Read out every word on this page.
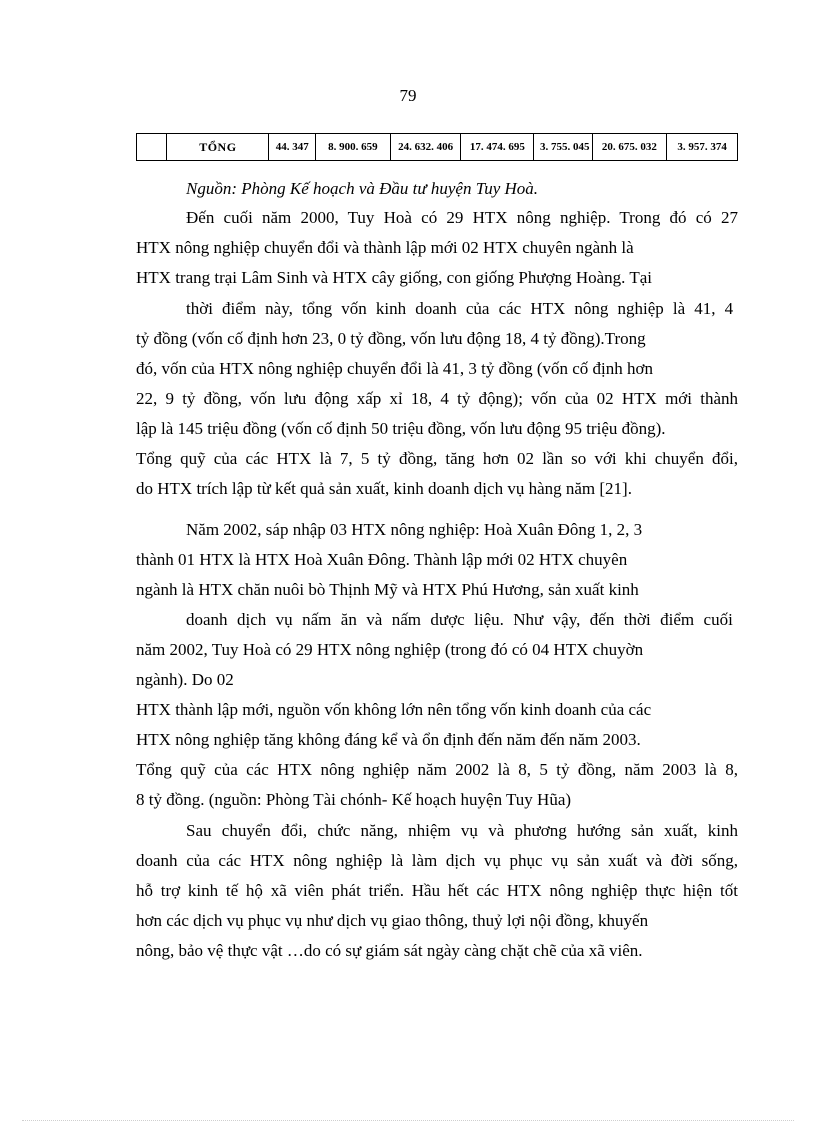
79
	TỔNG	44. 347	8. 900. 659	24. 632. 406	17. 474. 695	3. 755. 045	20. 675. 032	3. 957. 374
Nguồn: Phòng Kế hoạch và Đầu tư huyện Tuy Hoà.
Đến cuối năm 2000, Tuy Hoà có 29 HTX nông nghiệp. Trong đó có 27
HTX nông nghiệp chuyển đổi và thành lập mới 02 HTX chuyên ngành là
HTX trang trại Lâm Sinh và HTX cây giống, con giống Phượng Hoàng. Tại
thời điểm này, tổng vốn kinh doanh của các HTX nông nghiệp là 41, 4
tỷ đồng (vốn cố định hơn 23, 0 tỷ đồng, vốn lưu động 18, 4 tỷ đồng).Trong
đó, vốn của HTX nông nghiệp chuyển đổi là 41, 3 tỷ đồng (vốn cố định hơn
22, 9 tỷ đồng, vốn lưu động xấp xỉ 18, 4 tỷ động); vốn của 02 HTX mới thành
lập là 145 triệu đồng (vốn cố định 50 triệu đồng, vốn lưu động 95 triệu đồng).
Tổng quỹ của các HTX là 7, 5 tỷ đồng, tăng hơn 02 lần so với khi chuyển đổi,
do HTX trích lập từ kết quả sản xuất, kinh doanh dịch vụ hàng năm [21].
Năm 2002, sáp nhập 03 HTX nông nghiệp: Hoà Xuân Đông 1, 2, 3
thành 01 HTX là HTX Hoà Xuân Đông. Thành lập mới 02 HTX chuyên
ngành là HTX chăn nuôi bò Thịnh Mỹ và HTX Phú Hương, sản xuất kinh
doanh dịch vụ nấm ăn và nấm dược liệu. Như vậy, đến thời điểm cuối
năm 2002, Tuy Hoà có 29 HTX nông nghiệp (trong đó có 04 HTX chuyờn
ngành). Do 02
HTX thành lập mới, nguồn vốn không lớn nên tổng vốn kinh doanh của các
HTX nông nghiệp tăng không đáng kể và ổn định đến năm đến năm 2003.
Tổng quỹ của các HTX nông nghiệp năm 2002 là 8, 5 tỷ đồng, năm 2003 là 8,
8 tỷ đồng. (nguồn: Phòng Tài chónh- Kế hoạch huyện Tuy Hũa)
Sau chuyển đổi, chức năng, nhiệm vụ và phương hướng sản xuất, kinh
doanh của các HTX nông nghiệp là làm dịch vụ phục vụ sản xuất và đời sống,
hỗ trợ kinh tế hộ xã viên phát triển. Hầu hết các HTX nông nghiệp thực hiện tốt
hơn các dịch vụ phục vụ như dịch vụ giao thông, thuỷ lợi nội đồng, khuyến
nông, bảo vệ thực vật …do có sự giám sát ngày càng chặt chẽ của xã viên.
